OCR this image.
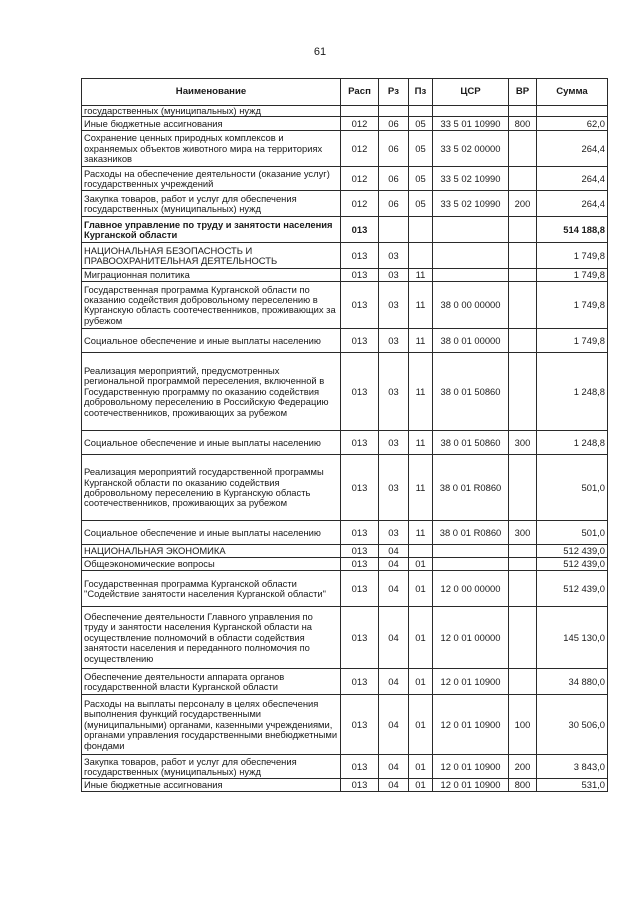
61
Наименование	Расп	Рз	Пз	ЦСР	ВР	Сумма
государственных (муниципальных) нужд						
Иные бюджетные ассигнования	012	06	05	33 5 01 10990	800	62,0
Сохранение ценных природных комплексов и охраняемых объектов животного мира на территориях заказников	012	06	05	33 5 02 00000		264,4
Расходы на обеспечение деятельности (оказание услуг) государственных учреждений	012	06	05	33 5 02 10990		264,4
Закупка товаров, работ и услуг для обеспечения государственных (муниципальных) нужд	012	06	05	33 5 02 10990	200	264,4
Главное управление по труду и занятости населения Курганской области	013					514 188,8
НАЦИОНАЛЬНАЯ БЕЗОПАСНОСТЬ И ПРАВООХРАНИТЕЛЬНАЯ ДЕЯТЕЛЬНОСТЬ	013	03				1 749,8
Миграционная политика	013	03	11			1 749,8
Государственная программа Курганской области по оказанию содействия добровольному переселению в Курганскую область соотечественников, проживающих за рубежом	013	03	11	38 0 00 00000		1 749,8
Социальное обеспечение и иные выплаты населению	013	03	11	38 0 01 00000		1 749,8
Реализация мероприятий, предусмотренных региональной программой переселения, включенной в Государственную программу по оказанию содействия добровольному переселению в Российскую Федерацию соотечественников, проживающих за рубежом	013	03	11	38 0 01 50860		1 248,8
Социальное обеспечение и иные выплаты населению	013	03	11	38 0 01 50860	300	1 248,8
Реализация мероприятий государственной программы Курганской области по оказанию содействия добровольному переселению в Курганскую область соотечественников, проживающих за рубежом	013	03	11	38 0 01 R0860		501,0
Социальное обеспечение и иные выплаты населению	013	03	11	38 0 01 R0860	300	501,0
НАЦИОНАЛЬНАЯ ЭКОНОМИКА	013	04				512 439,0
Общеэкономические вопросы	013	04	01			512 439,0
Государственная программа Курганской области "Содействие занятости населения Курганской области"	013	04	01	12 0 00 00000		512 439,0
Обеспечение деятельности Главного управления по труду и занятости населения Курганской области на осуществление полномочий в области содействия занятости населения и переданного полномочия по осуществлению	013	04	01	12 0 01 00000		145 130,0
Обеспечение деятельности аппарата органов государственной власти Курганской области	013	04	01	12 0 01 10900		34 880,0
Расходы на выплаты персоналу в целях обеспечения выполнения функций государственными (муниципальными) органами, казенными учреждениями, органами управления государственными внебюджетными фондами	013	04	01	12 0 01 10900	100	30 506,0
Закупка товаров, работ и услуг для обеспечения государственных (муниципальных) нужд	013	04	01	12 0 01 10900	200	3 843,0
Иные бюджетные ассигнования	013	04	01	12 0 01 10900	800	531,0
